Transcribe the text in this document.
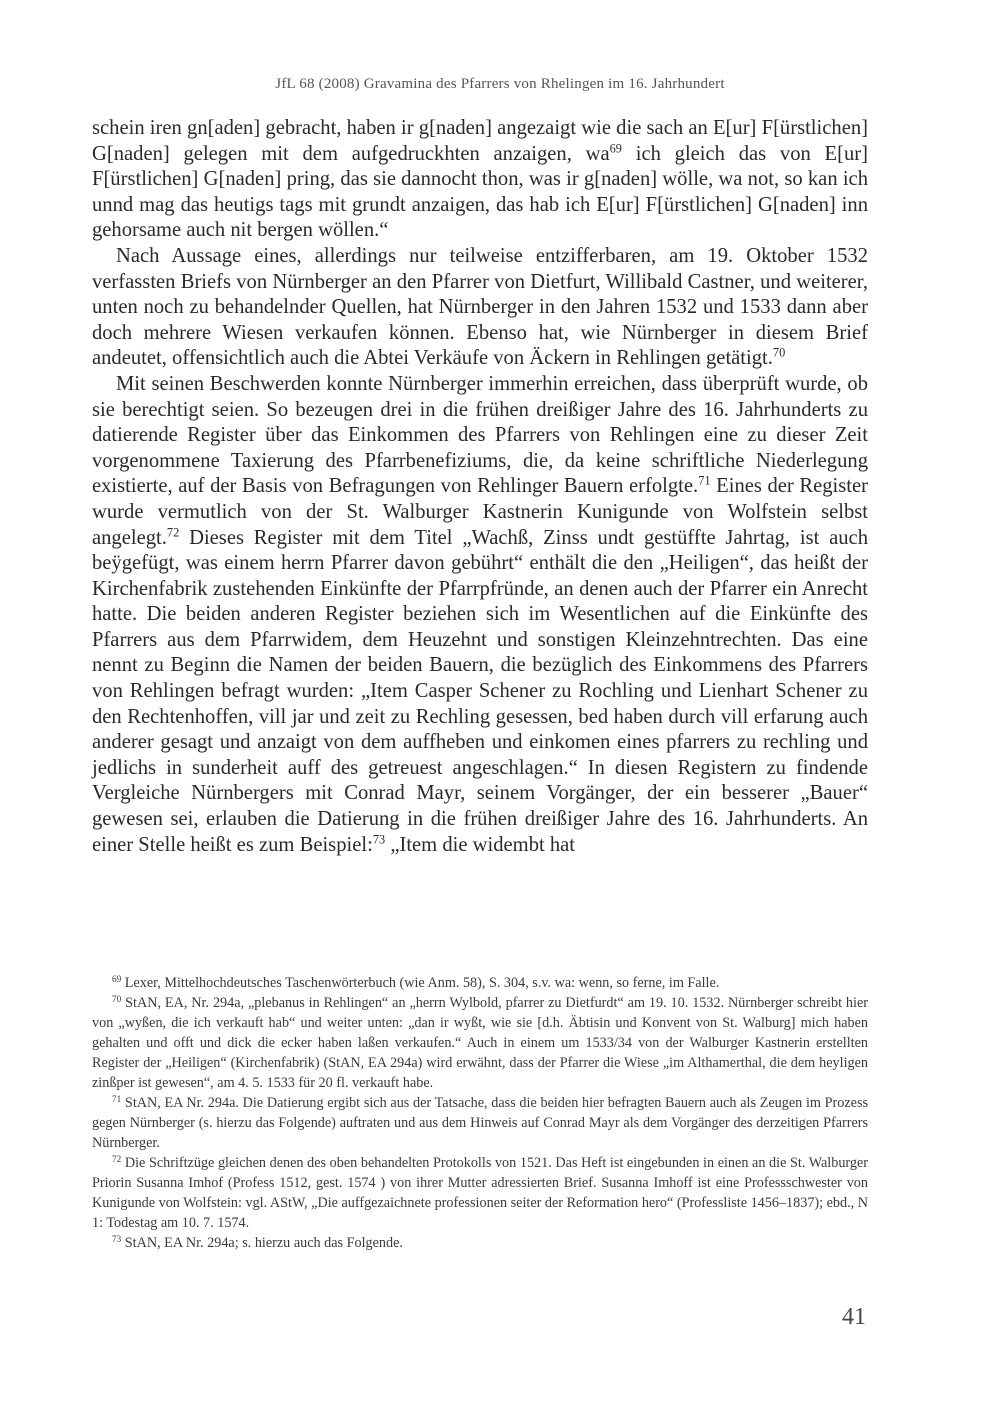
JfL 68 (2008) Gravamina des Pfarrers von Rhelingen im 16. Jahrhundert

schein iren gn[aden] gebracht, haben ir g[naden] angezaigt wie die sach an E[ur] F[ürstlichen] G[naden] gelegen mit dem aufgedruckhten anzaigen, $wa^{69}$ ich gleich das von E[ur] F[ürstlichen] G[naden] pring, das sie dannocht thon, was ir g[naden] wölle, wa not, so kan ich unnd mag das heutigs tags mit grundt anzaigen, das hab ich E[ur] F[ürstlichen] G[naden] inn gehorsame auch nit bergen wöllen.“

Nach Aussage eines, allerdings nur teilweise entzifferbaren, am 19. Oktober 1532 verfassten Briefs von Nürnberger an den Pfarrer von Dietfurt, Willibald Castner, und weiterer, unten noch zu behandelnder Quellen, hat Nürnberger in den Jahren 1532 und 1533 dann aber doch mehrere Wiesen verkaufen können. Ebenso hat, wie Nürnberger in diesem Brief andeutet, offensichtlich auch die Abtei Verkäufe von Äckern in Rehlingen getätigt.$^{70}$

Mit seinen Beschwerden konnte Nürnberger immerhin erreichen, dass überprüft wurde, ob sie berechtigt seien. So bezeugen drei in die frühen dreißiger Jahre des 16. Jahrhunderts zu datierende Register über das Einkommen des Pfarrers von Rehlingen eine zu dieser Zeit vorgenommene Taxierung des Pfarrbenefiziums, die, da keine schriftliche Niederlegung existierte, auf der Basis von Befragungen von Rehlinger Bauern erfolgte.$^{71}$ Eines der Register wurde vermutlich von der St. Walburger Kastnerin Kunigunde von Wolfstein selbst angelegt.$^{72}$ Dieses Register mit dem Titel „Wachß, Zinss undt gestüffte Jahrtag, ist auch beÿgefügt, was einem herrn Pfarrer davon gebührt“ enthält die den „Heiligen“, das heißt der Kirchenfabrik zustehenden Einkünfte der Pfarrpfründe, an denen auch der Pfarrer ein Anrecht hatte. Die beiden anderen Register beziehen sich im Wesentlichen auf die Einkünfte des Pfarrers aus dem Pfarrwidem, dem Heuzehnt und sonstigen Kleinzehntrechten. Das eine nennt zu Beginn die Namen der beiden Bauern, die bezüglich des Einkommens des Pfarrers von Rehlingen befragt wurden: „Item Casper Schener zu Rochling und Lienhart Schener zu den Rechtenhoffen, vill jar und zeit zu Rechling gesessen, bed haben durch vill erfarung auch anderer gesagt und anzaigt von dem auffheben und einkomen eines pfarrers zu rechling und jedlichs in sunderheit auff des getreuest angeschlagen.“ In diesen Registern zu findende Vergleiche Nürnbergers mit Conrad Mayr, seinem Vorgänger, der ein besserer „Bauer“ gewesen sei, erlauben die Datierung in die frühen dreißiger Jahre des 16. Jahrhunderts. An einer Stelle heißt es zum Beispiel:$^{73}$ „Item die widembt hat

$^{69}$ Lexer, Mittelhochdeutsches Taschenwörterbuch (wie Anm. 58), S. 304, s.v. wa: wenn, so ferne, im Falle.

$^{70}$ StAN, EA, Nr. 294a, „plebanus in Rehlingen“ an „herrn Wylbold, pfarrer zu Dietfurdt“ am 19. 10. 1532. Nürnberger schreibt hier von „wyßen, die ich verkauft hab“ und weiter unten: „dan ir wyßt, wie sie [d.h. Äbtisin und Konvent von St. Walburg] mich haben gehalten und offt und dick die ecker haben laßen verkaufen.“ Auch in einem um 1533/34 von der Walburger Kastnerin erstellten Register der „Heiligen“ (Kirchenfabrik) (StAN, EA 294a) wird erwähnt, dass der Pfarrer die Wiese „im Althamerthal, die dem heyligen zinßper ist gewesen“, am 4. 5. 1533 für 20 fl. verkauft habe.

$^{71}$ StAN, EA Nr. 294a. Die Datierung ergibt sich aus der Tatsache, dass die beiden hier befragten Bauern auch als Zeugen im Prozess gegen Nürnberger (s. hierzu das Folgende) auftraten und aus dem Hinweis auf Conrad Mayr als dem Vorgänger des derzeitigen Pfarrers Nürnberger.

$^{72}$ Die Schriftzüge gleichen denen des oben behandelten Protokolls von 1521. Das Heft ist eingebunden in einen an die St. Walburger Priorin Susanna Imhof (Profess 1512, gest. 1574 ) von ihrer Mutter adressierten Brief. Susanna Imhoff ist eine Professschwester von Kunigunde von Wolfstein: vgl. AStW, „Die auffgezaichnete professionen seiter der Reformation hero“ (Professliste 1456–1837); ebd., N 1: Todestag am 10. 7. 1574.

$^{73}$ StAN, EA Nr. 294a; s. hierzu auch das Folgende.

41
